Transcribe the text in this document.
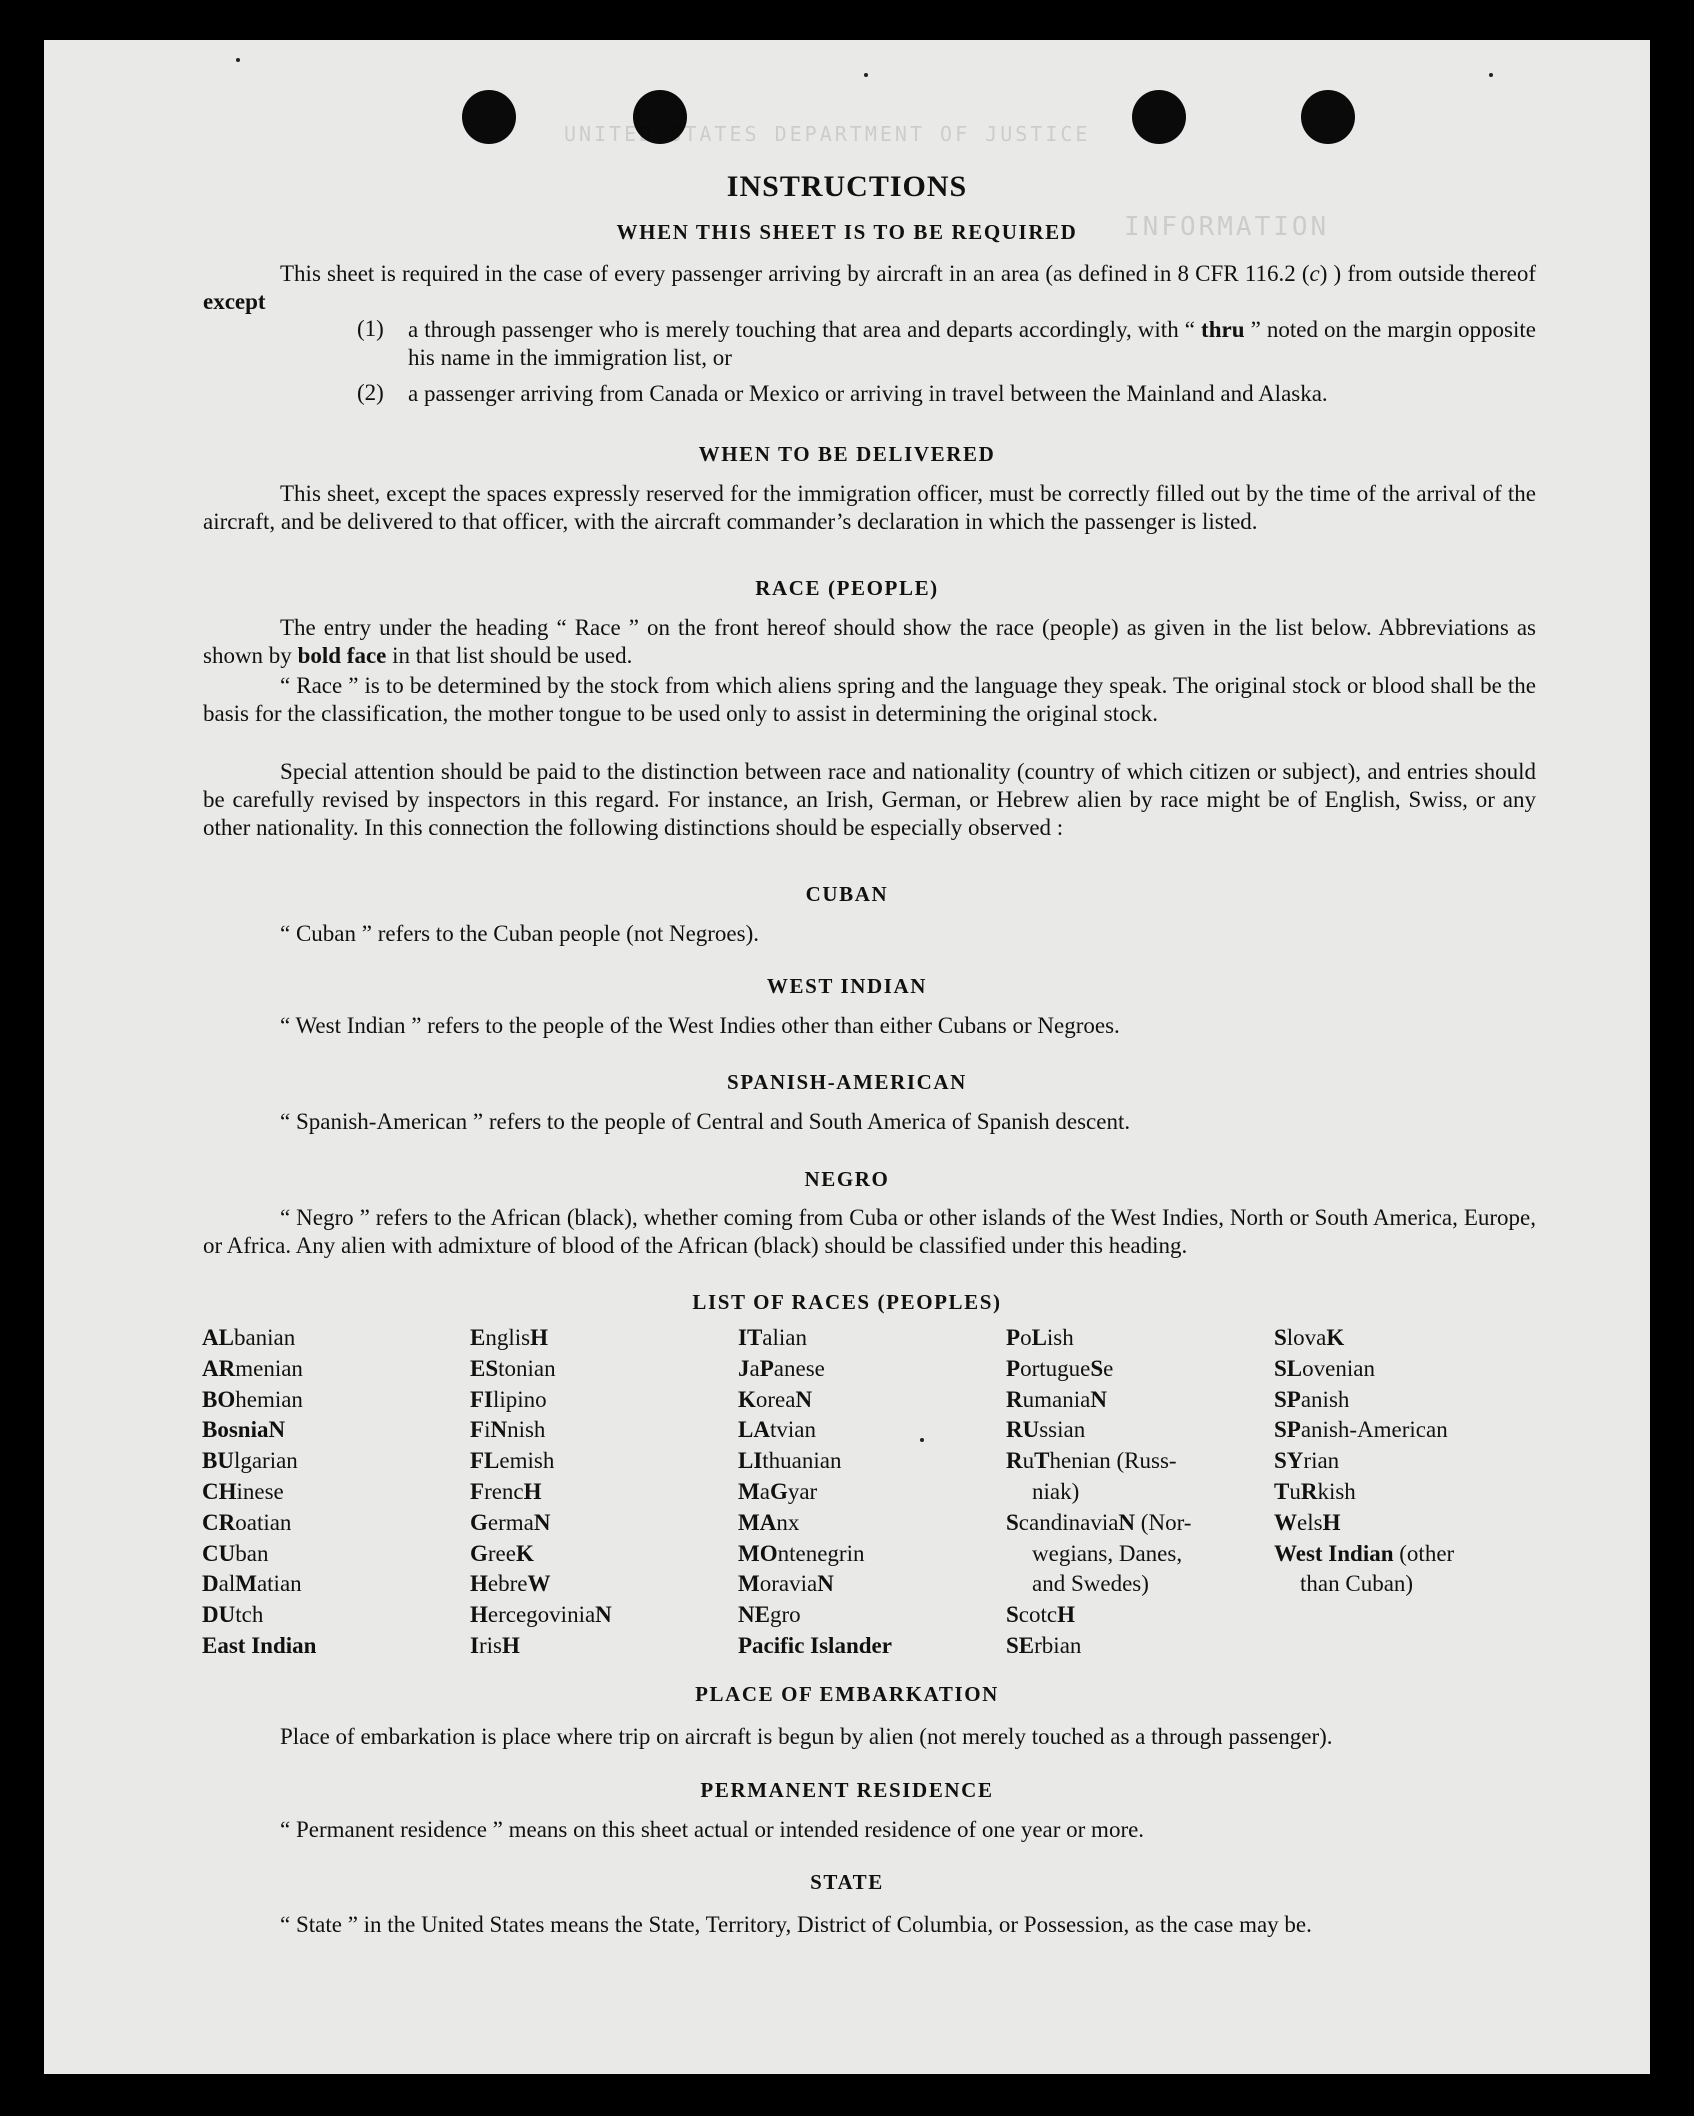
UNITED STATES DEPARTMENT OF JUSTICE
INFORMATION
INSTRUCTIONS
WHEN THIS SHEET IS TO BE REQUIRED
This sheet is required in the case of every passenger arriving by aircraft in an area (as defined in 8 CFR 116.2 (c) ) from outside thereof except
(1) a through passenger who is merely touching that area and departs accordingly, with “ thru ” noted on the margin opposite his name in the immigration list, or
(2) a passenger arriving from Canada or Mexico or arriving in travel between the Mainland and Alaska.
WHEN TO BE DELIVERED
This sheet, except the spaces expressly reserved for the immigration officer, must be correctly filled out by the time of the arrival of the aircraft, and be delivered to that officer, with the aircraft commander’s declaration in which the passenger is listed.
RACE (PEOPLE)
The entry under the heading “ Race ” on the front hereof should show the race (people) as given in the list below. Abbreviations as shown by bold face in that list should be used.
“ Race ” is to be determined by the stock from which aliens spring and the language they speak. The original stock or blood shall be the basis for the classification, the mother tongue to be used only to assist in determining the original stock.
Special attention should be paid to the distinction between race and nationality (country of which citizen or subject), and entries should be carefully revised by inspectors in this regard. For instance, an Irish, German, or Hebrew alien by race might be of English, Swiss, or any other nationality. In this connection the following distinctions should be especially observed :
CUBAN
“ Cuban ” refers to the Cuban people (not Negroes).
WEST INDIAN
“ West Indian ” refers to the people of the West Indies other than either Cubans or Negroes.
SPANISH-AMERICAN
“ Spanish-American ” refers to the people of Central and South America of Spanish descent.
NEGRO
“ Negro ” refers to the African (black), whether coming from Cuba or other islands of the West Indies, North or South America, Europe, or Africa. Any alien with admixture of blood of the African (black) should be classified under this heading.
LIST OF RACES (PEOPLES)
ALbanian
ARmenian
BOhemian
BosniaN
BUlgarian
CHinese
CRoatian
CUban
DalMatian
DUtch
East Indian
EnglisH
EStonian
FIlipino
FiNnish
FLemish
FrencH
GermaN
GreeK
HebreW
HercegoviniaN
IrisH
ITalian
JaPanese
KoreaN
LAtvian
LIthuanian
MaGyar
MAnx
MOntenegrin
MoraviaN
NEgro
Pacific Islander
PoLish
PortugueSe
RumaniaN
RUssian
RuThenian (Russ-
niak)
ScandinaviaN (Nor-
wegians, Danes,
and Swedes)
ScotcH
SErbian
SlovaK
SLovenian
SPanish
SPanish-American
SYrian
TuRkish
WelsH
West Indian (other
than Cuban)
PLACE OF EMBARKATION
Place of embarkation is place where trip on aircraft is begun by alien (not merely touched as a through passenger).
PERMANENT RESIDENCE
“ Permanent residence ” means on this sheet actual or intended residence of one year or more.
STATE
“ State ” in the United States means the State, Territory, District of Columbia, or Possession, as the case may be.
